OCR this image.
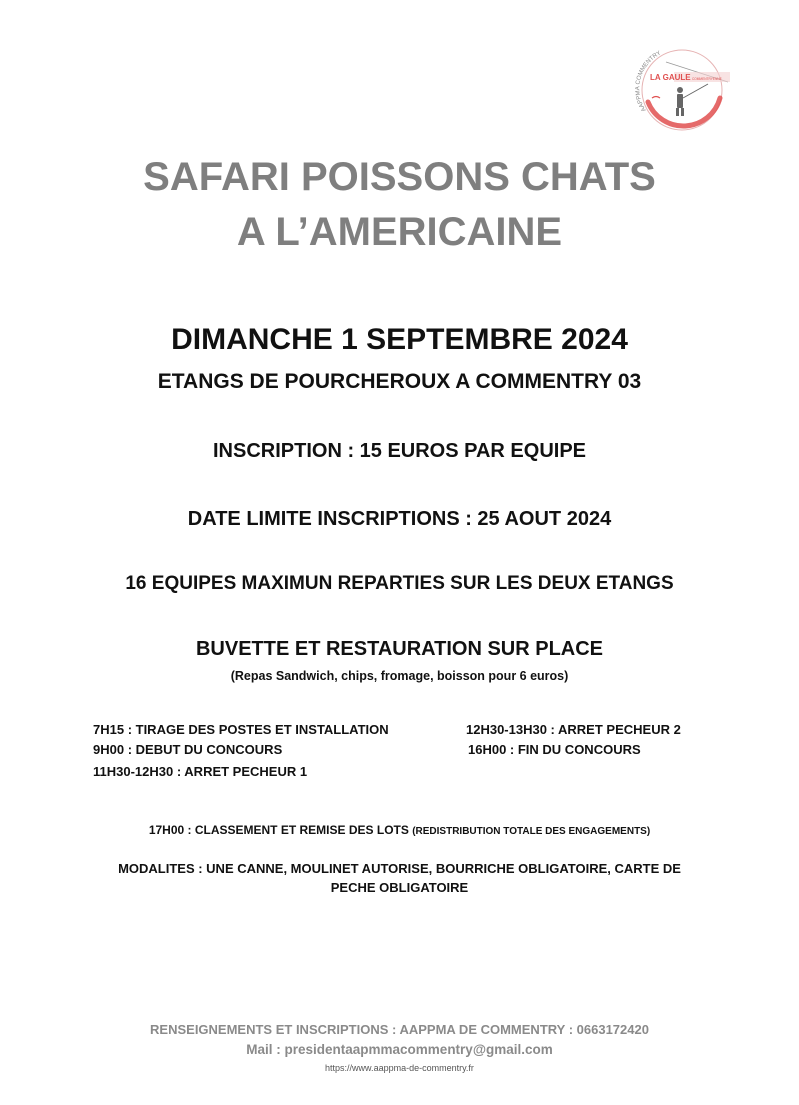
AAPPMA COMMENTRY
LA GAULE COMMENTRYENNE
SAFARI POISSONS CHATS
A L’AMERICAINE
DIMANCHE 1 SEPTEMBRE 2024
ETANGS DE POURCHEROUX A COMMENTRY 03
INSCRIPTION : 15 EUROS PAR EQUIPE
DATE LIMITE INSCRIPTIONS : 25 AOUT 2024
16 EQUIPES MAXIMUN REPARTIES SUR LES DEUX ETANGS
BUVETTE ET RESTAURATION SUR PLACE
(Repas Sandwich, chips, fromage, boisson pour 6 euros)
7H15 : TIRAGE DES POSTES ET INSTALLATION
9H00 : DEBUT DU CONCOURS
11H30-12H30 : ARRET PECHEUR 1
12H30-13H30 : ARRET PECHEUR 2
16H00 : FIN DU CONCOURS
17H00 : CLASSEMENT ET REMISE DES LOTS (REDISTRIBUTION TOTALE DES ENGAGEMENTS)
MODALITES : UNE CANNE, MOULINET AUTORISE, BOURRICHE OBLIGATOIRE, CARTE DE
PECHE OBLIGATOIRE
RENSEIGNEMENTS ET INSCRIPTIONS : AAPPMA DE COMMENTRY : 0663172420
Mail : presidentaapmmacommentry@gmail.com
https://www.aappma-de-commentry.fr
